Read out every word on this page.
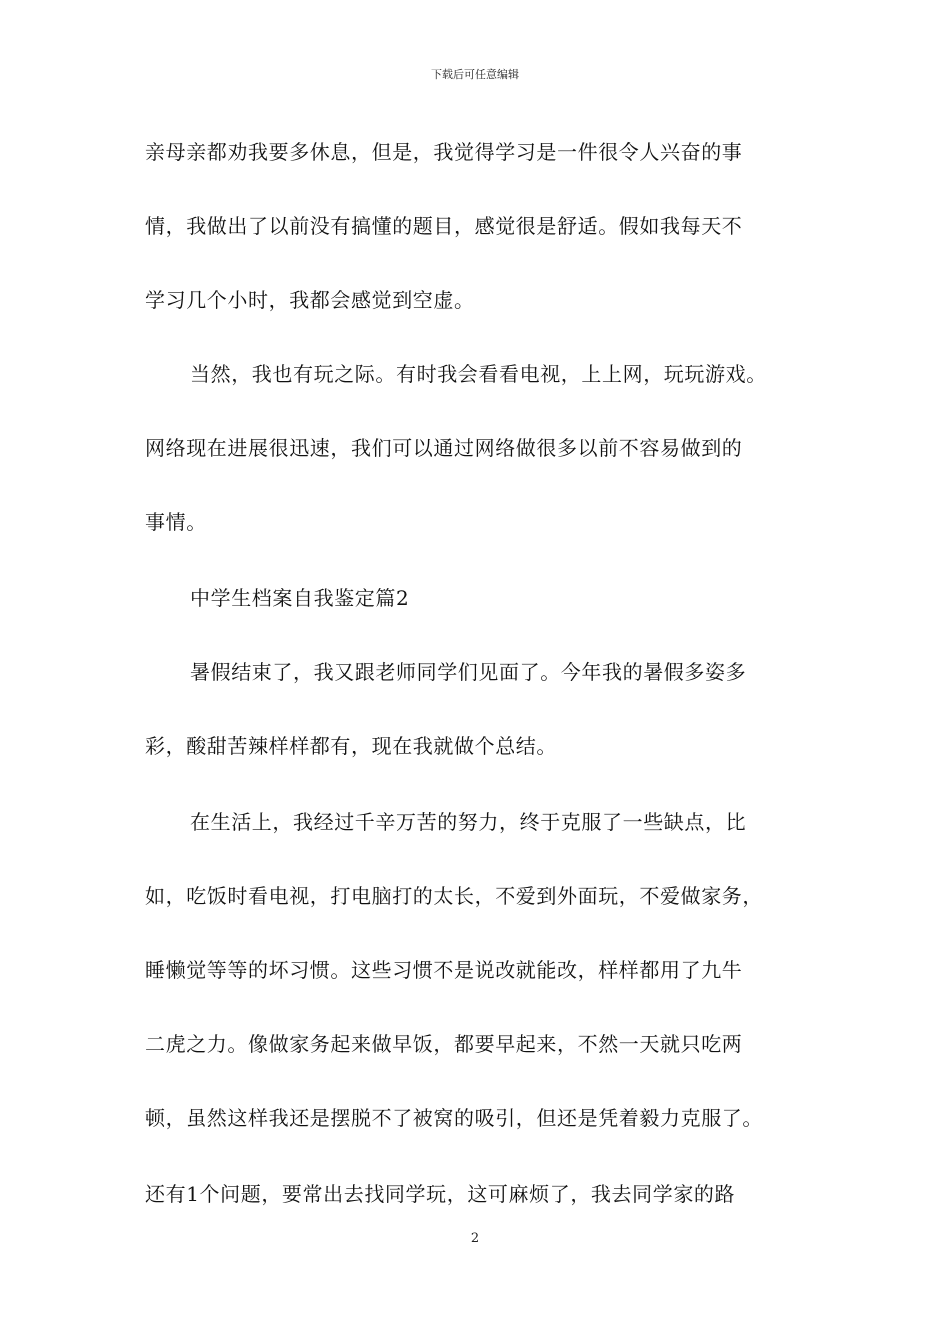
下载后可任意编辑
亲母亲都劝我要多休息，但是，我觉得学习是一件很令人兴奋的事
情，我做出了以前没有搞懂的题目，感觉很是舒适。假如我每天不
学习几个小时，我都会感觉到空虚。
当然，我也有玩之际。有时我会看看电视，上上网，玩玩游戏。
网络现在进展很迅速，我们可以通过网络做很多以前不容易做到的
事情。
中学生档案自我鉴定篇2
暑假结束了，我又跟老师同学们见面了。今年我的暑假多姿多
彩，酸甜苦辣样样都有，现在我就做个总结。
在生活上，我经过千辛万苦的努力，终于克服了一些缺点，比
如，吃饭时看电视，打电脑打的太长，不爱到外面玩，不爱做家务，
睡懒觉等等的坏习惯。这些习惯不是说改就能改，样样都用了九牛
二虎之力。像做家务起来做早饭，都要早起来，不然一天就只吃两
顿，虽然这样我还是摆脱不了被窝的吸引，但还是凭着毅力克服了。
还有1个问题，要常出去找同学玩，这可麻烦了，我去同学家的路
2
